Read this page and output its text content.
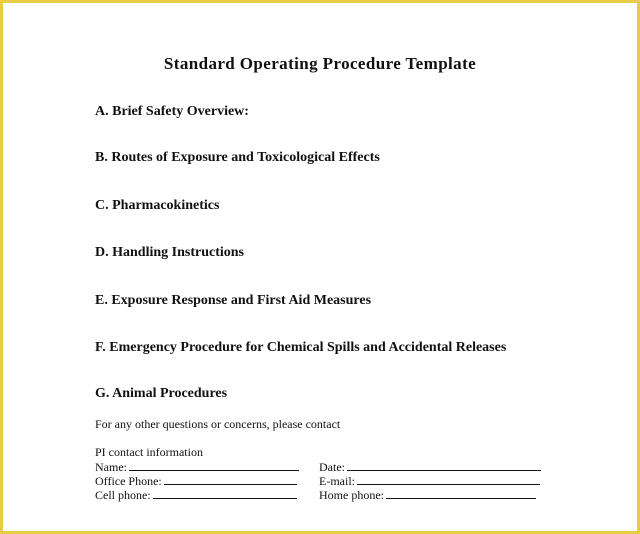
Standard Operating Procedure Template

A. Brief Safety Overview:

B. Routes of Exposure and Toxicological Effects

C. Pharmacokinetics

D. Handling Instructions

E. Exposure Response and First Aid Measures

F. Emergency Procedure for Chemical Spills and Accidental Releases

G. Animal Procedures

For any other questions or concerns, please contact

PI contact information

Name:	Date:
Office Phone:	E-mail:
Cell phone:	Home phone:
